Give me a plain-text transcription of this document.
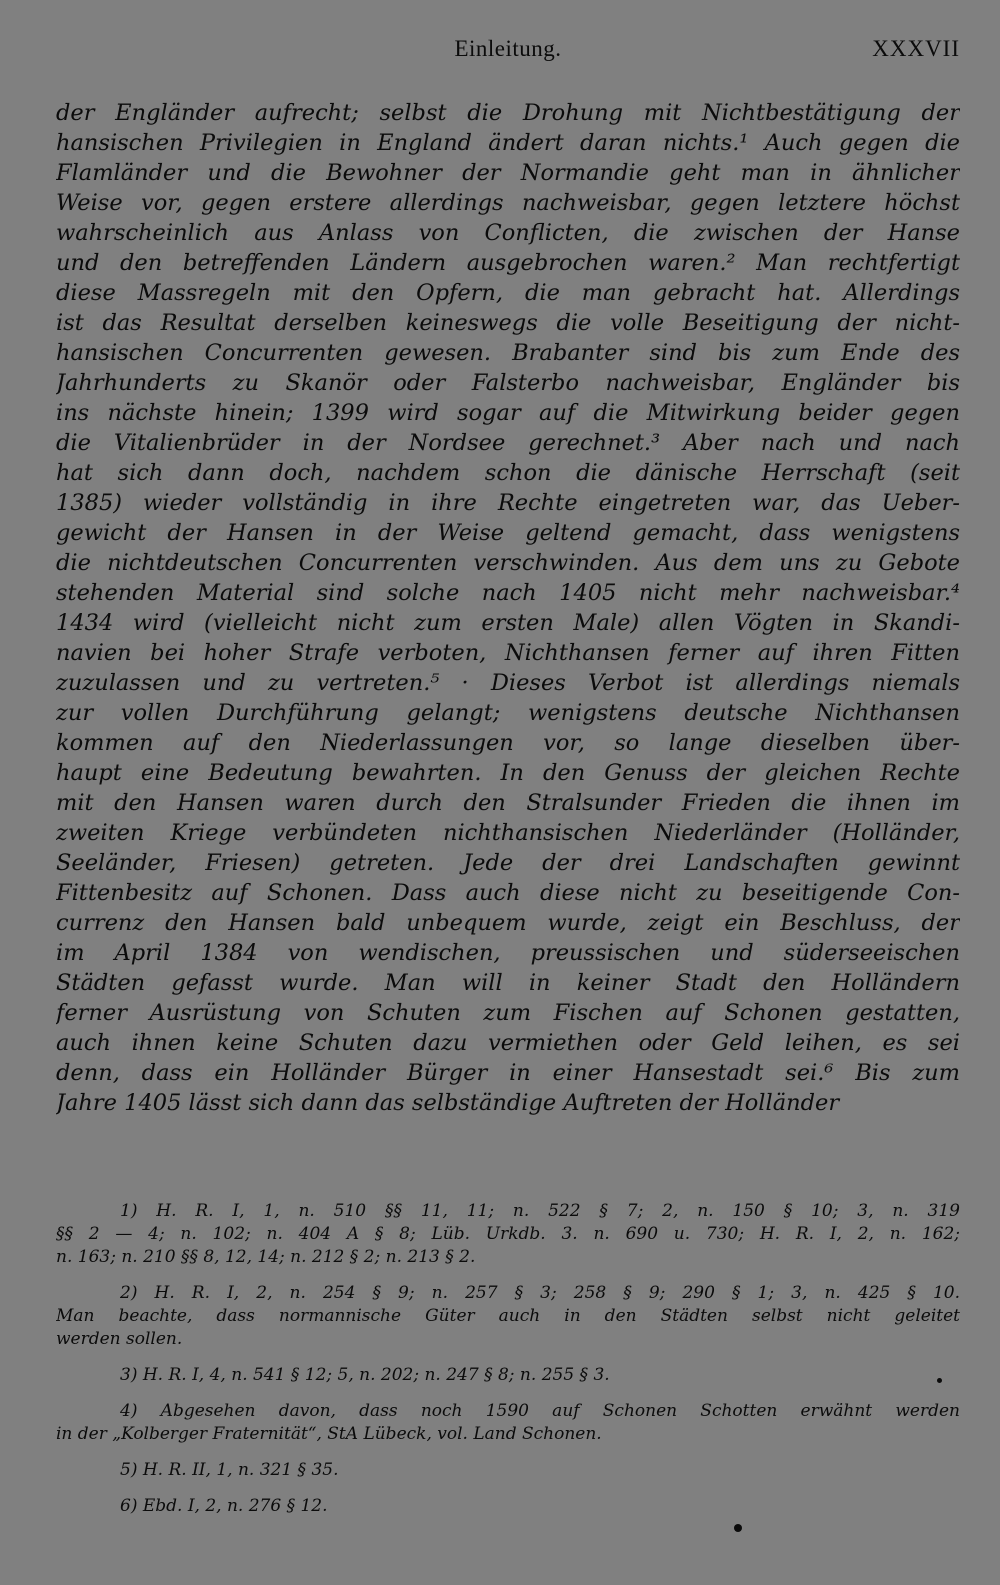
Einleitung.	XXXVII
der Engländer aufrecht; selbst die Drohung mit Nichtbestätigung der
hansischen Privilegien in England ändert daran nichts.¹ Auch gegen die
Flamländer und die Bewohner der Normandie geht man in ähnlicher
Weise vor, gegen erstere allerdings nachweisbar, gegen letztere höchst
wahrscheinlich aus Anlass von Conflicten, die zwischen der Hanse
und den betreffenden Ländern ausgebrochen waren.² Man rechtfertigt
diese Massregeln mit den Opfern, die man gebracht hat. Allerdings
ist das Resultat derselben keineswegs die volle Beseitigung der nicht-
hansischen Concurrenten gewesen. Brabanter sind bis zum Ende des
Jahrhunderts zu Skanör oder Falsterbo nachweisbar, Engländer bis
ins nächste hinein; 1399 wird sogar auf die Mitwirkung beider gegen
die Vitalienbrüder in der Nordsee gerechnet.³ Aber nach und nach
hat sich dann doch, nachdem schon die dänische Herrschaft (seit
1385) wieder vollständig in ihre Rechte eingetreten war, das Ueber-
gewicht der Hansen in der Weise geltend gemacht, dass wenigstens
die nichtdeutschen Concurrenten verschwinden. Aus dem uns zu Gebote
stehenden Material sind solche nach 1405 nicht mehr nachweisbar.⁴
1434 wird (vielleicht nicht zum ersten Male) allen Vögten in Skandi-
navien bei hoher Strafe verboten, Nichthansen ferner auf ihren Fitten
zuzulassen und zu vertreten.⁵ · Dieses Verbot ist allerdings niemals
zur vollen Durchführung gelangt; wenigstens deutsche Nichthansen
kommen auf den Niederlassungen vor, so lange dieselben über-
haupt eine Bedeutung bewahrten. In den Genuss der gleichen Rechte
mit den Hansen waren durch den Stralsunder Frieden die ihnen im
zweiten Kriege verbündeten nichthansischen Niederländer (Holländer,
Seeländer, Friesen) getreten. Jede der drei Landschaften gewinnt
Fittenbesitz auf Schonen. Dass auch diese nicht zu beseitigende Con-
currenz den Hansen bald unbequem wurde, zeigt ein Beschluss, der
im April 1384 von wendischen, preussischen und süderseeischen
Städten gefasst wurde. Man will in keiner Stadt den Holländern
ferner Ausrüstung von Schuten zum Fischen auf Schonen gestatten,
auch ihnen keine Schuten dazu vermiethen oder Geld leihen, es sei
denn, dass ein Holländer Bürger in einer Hansestadt sei.⁶ Bis zum
Jahre 1405 lässt sich dann das selbständige Auftreten der Holländer
1) H. R. I, 1, n. 510 §§ 11, 11; n. 522 § 7; 2, n. 150 § 10; 3, n. 319
§§ 2 — 4; n. 102; n. 404 A § 8; Lüb. Urkdb. 3. n. 690 u. 730; H. R. I, 2, n. 162;
n. 163; n. 210 §§ 8, 12, 14; n. 212 § 2; n. 213 § 2.
2) H. R. I, 2, n. 254 § 9; n. 257 § 3; 258 § 9; 290 § 1; 3, n. 425 § 10.
Man beachte, dass normannische Güter auch in den Städten selbst nicht geleitet
werden sollen.
3) H. R. I, 4, n. 541 § 12; 5, n. 202; n. 247 § 8; n. 255 § 3.
4) Abgesehen davon, dass noch 1590 auf Schonen Schotten erwähnt werden
in der „Kolberger Fraternität“, StA Lübeck, vol. Land Schonen.
5) H. R. II, 1, n. 321 § 35.
6) Ebd. I, 2, n. 276 § 12.
